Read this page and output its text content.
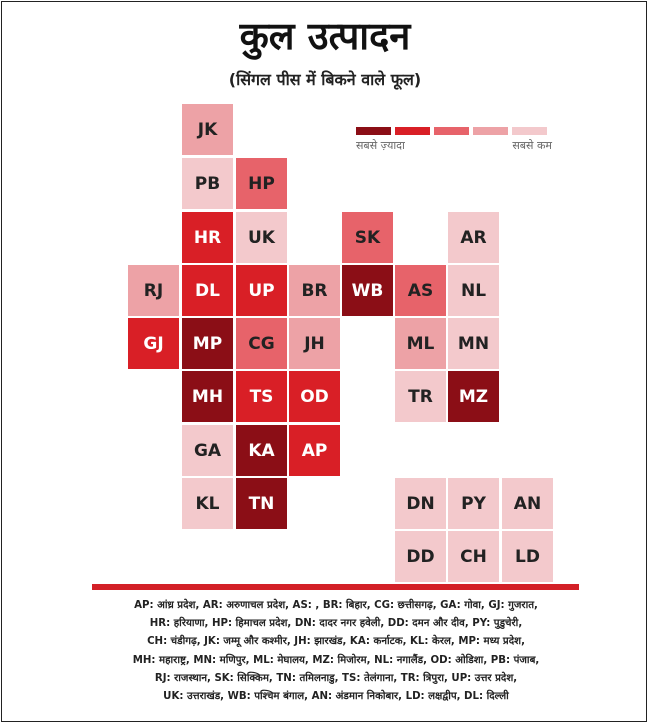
कुल उत्पादन
(सिंगल पीस में बिकने वाले फूल)
सबसे ज़्यादा	सबसे कम
JK
PB	HP
HR	UK	SK	AR
RJ	DL	UP	BR	WB	AS	NL
GJ	MP	CG	JH	ML	MN
MH	TS	OD	TR	MZ
GA	KA	AP
KL	TN	DN	PY	AN
DD	CH	LD
AP: आंध्र प्रदेश, AR: अरुणाचल प्रदेश, AS: , BR: बिहार, CG: छत्तीसगढ़, GA: गोवा, GJ: गुजरात,
HR: हरियाणा, HP: हिमाचल प्रदेश, DN: दादर नगर हवेली, DD: दमन और दीव, PY: पुडुचेरी,
CH: चंडीगढ़, JK: जम्मू और कश्मीर, JH: झारखंड, KA: कर्नाटक, KL: केरल, MP: मध्य प्रदेश,
MH: महाराष्ट्र, MN: मणिपुर, ML: मेघालय, MZ: मिजोरम, NL: नगालैंड, OD: ओडिशा, PB: पंजाब,
RJ: राजस्थान, SK: सिक्किम, TN: तमिलनाडु, TS: तेलंगाना, TR: त्रिपुरा, UP: उत्तर प्रदेश,
UK: उत्तराखंड, WB: पश्चिम बंगाल, AN: अंडमान निकोबार, LD: लक्षद्वीप, DL: दिल्ली
